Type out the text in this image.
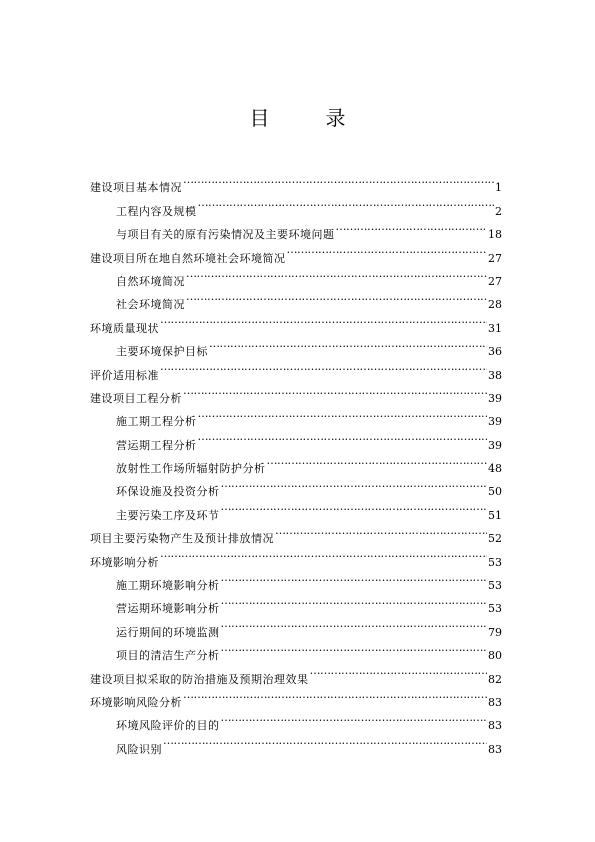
目	录
建设项目基本情况 ……………………………………………………………………………………………………………………………………………………………………………………………………	1
工程内容及规模 ……………………………………………………………………………………………………………………………………………………………………………………………………	2
与项目有关的原有污染情况及主要环境问题 ……………………………………………………………………………………………………………………………………………………………………………………………………	18
建设项目所在地自然环境社会环境简况 ……………………………………………………………………………………………………………………………………………………………………………………………………	27
自然环境简况 ……………………………………………………………………………………………………………………………………………………………………………………………………	27
社会环境简况 ……………………………………………………………………………………………………………………………………………………………………………………………………	28
环境质量现状 ……………………………………………………………………………………………………………………………………………………………………………………………………	31
主要环境保护目标 ……………………………………………………………………………………………………………………………………………………………………………………………………	36
评价适用标准 ……………………………………………………………………………………………………………………………………………………………………………………………………	38
建设项目工程分析 ……………………………………………………………………………………………………………………………………………………………………………………………………	39
施工期工程分析 ……………………………………………………………………………………………………………………………………………………………………………………………………	39
营运期工程分析 ……………………………………………………………………………………………………………………………………………………………………………………………………	39
放射性工作场所辐射防护分析 ……………………………………………………………………………………………………………………………………………………………………………………………………	48
环保设施及投资分析 ……………………………………………………………………………………………………………………………………………………………………………………………………	50
主要污染工序及环节 ……………………………………………………………………………………………………………………………………………………………………………………………………	51
项目主要污染物产生及预计排放情况 ……………………………………………………………………………………………………………………………………………………………………………………………………	52
环境影响分析 ……………………………………………………………………………………………………………………………………………………………………………………………………	53
施工期环境影响分析 ……………………………………………………………………………………………………………………………………………………………………………………………………	53
营运期环境影响分析 ……………………………………………………………………………………………………………………………………………………………………………………………………	53
运行期间的环境监测 ……………………………………………………………………………………………………………………………………………………………………………………………………	79
项目的清洁生产分析 ……………………………………………………………………………………………………………………………………………………………………………………………………	80
建设项目拟采取的防治措施及预期治理效果 ……………………………………………………………………………………………………………………………………………………………………………………………………	82
环境影响风险分析 ……………………………………………………………………………………………………………………………………………………………………………………………………	83
环境风险评价的目的 ……………………………………………………………………………………………………………………………………………………………………………………………………	83
风险识别 ……………………………………………………………………………………………………………………………………………………………………………………………………	83
